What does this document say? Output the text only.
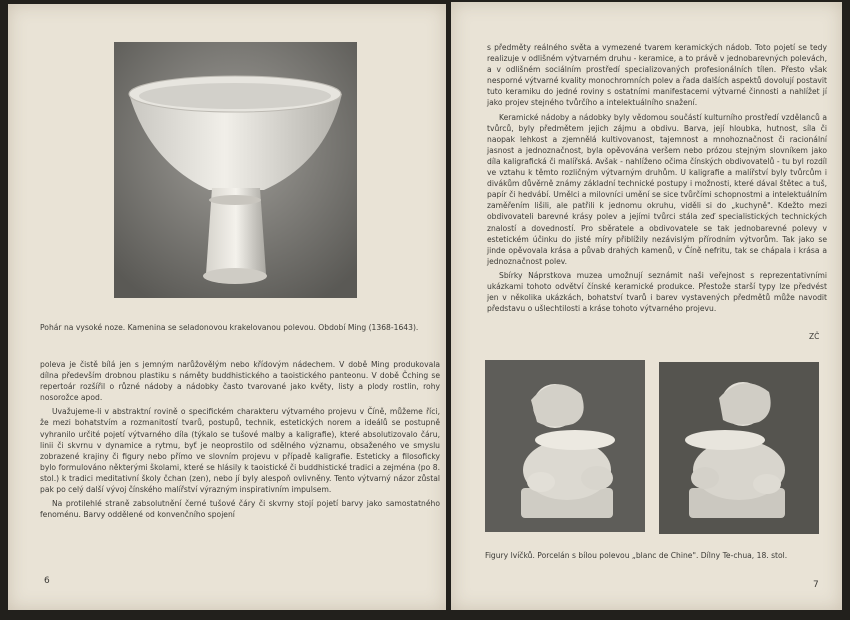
Pohár na vysoké noze. Kamenina se seladonovou krakelovanou polevou. Období Ming (1368-1643).

poleva je čistě bílá jen s jemným narůžovělým nebo křídovým nádechem. V době Ming produkovala dílna především drobnou plastiku s náměty buddhistického a taoistického panteonu. V době Čching se repertoár rozšířil o různé nádoby a nádobky často tvarované jako květy, listy a plody rostlin, rohy nosorožce apod.

Uvažujeme-li v abstraktní rovině o specifickém charakteru výtvarného projevu v Číně, můžeme říci, že mezi bohatstvím a rozmanitostí tvarů, postupů, technik, estetických norem a ideálů se postupně vyhranilo určité pojetí výtvarného díla (týkalo se tušové malby a kaligrafie), které absolutizovalo čáru, linii či skvrnu v dynamice a rytmu, byť je neoprostilo od sdělného významu, obsaženého ve smyslu zobrazené krajiny či figury nebo přímo ve slovním projevu v případě kaligrafie. Esteticky a filosoficky bylo formulováno některými školami, které se hlásily k taoistické či buddhistické tradici a zejména (po 8. stol.) k tradici meditativní školy čchan (zen), nebo jí byly alespoň ovlivněny. Tento výtvarný názor zůstal pak po celý další vývoj čínského malířství výrazným inspirativním impulsem.

Na protilehlé straně zabsolutnění černé tušové čáry či skvrny stojí pojetí barvy jako samostatného fenoménu. Barvy oddělené od konvenčního spojení

6

s předměty reálného světa a vymezené tvarem keramických nádob. Toto pojetí se tedy realizuje v odlišném výtvarném druhu - keramice, a to právě v jednobarevných polevách, a v odlišném sociálním prostředí specializovaných profesionálních tílen. Přesto však nesporné výtvarné kvality monochromních polev a řada dalších aspektů dovolují postavit tuto keramiku do jedné roviny s ostatními manifestacemi výtvarné činnosti a nahlížet jí jako projev stejného tvůrčího a intelektuálního snažení.

Keramické nádoby a nádobky byly vědomou součástí kulturního prostředí vzdělanců a tvůrců, byly předmětem jejich zájmu a obdivu. Barva, její hloubka, hutnost, síla či naopak lehkost a zjemnělá kultivovanost, tajemnost a mnohoznačnost či racionální jasnost a jednoznačnost, byla opěvována veršem nebo prózou stejným slovníkem jako díla kaligrafická či malířská. Avšak - nahlíženo očima čínských obdivovatelů - tu byl rozdíl ve vztahu k těmto rozličným výtvarným druhům. U kaligrafie a malířství byly tvůrcům i divákům důvěrně známy základní technické postupy i možnosti, které dával štětec a tuš, papír či hedvábí. Umělci a milovníci umění se sice tvůrčími schopnostmi a intelektuálním zaměřením lišili, ale patřili k jednomu okruhu, viděli si do „kuchyně". Kdežto mezi obdivovateli barevné krásy polev a jejími tvůrci stála zeď specialistických technických znalostí a dovedností. Pro sběratele a obdivovatele se tak jednobarevné polevy v estetickém účinku do jisté míry přiblížily nezávislým přírodním výtvorům. Tak jako se jinde opěvovala krása a půvab drahých kamenů, v Číně nefritu, tak se chápala i krása a jednoznačnost polev.

Sbírky Náprstkova muzea umožnují seznámit naši veřejnost s reprezentativními ukázkami tohoto odvětví čínské keramické produkce. Přestože starší typy lze předvést jen v několika ukázkách, bohatství tvarů i barev vystavených předmětů může navodit představu o ušlechtilosti a kráse tohoto výtvarného projevu.

ZČ
Figury lvíčků. Porcelán s bílou polevou „blanc de Chine". Dílny Te-chua, 18. stol.
7
